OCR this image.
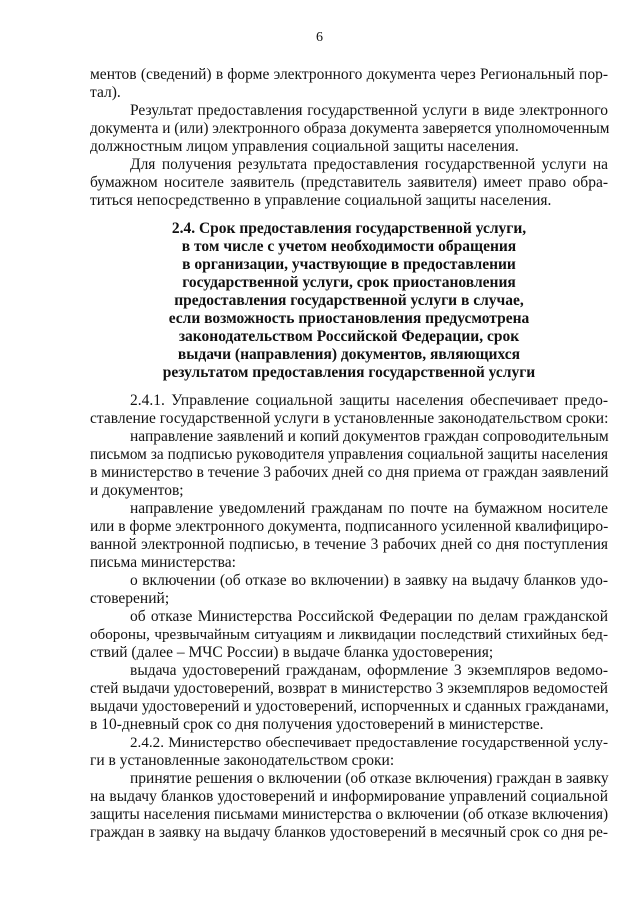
6
ментов (сведений) в форме электронного документа через Региональный пор-
тал).
Результат предоставления государственной услуги в виде электронного
документа и (или) электронного образа документа заверяется уполномоченным
должностным лицом управления социальной защиты населения.
Для получения результата предоставления государственной услуги на
бумажном носителе заявитель (представитель заявителя) имеет право обра-
титься непосредственно в управление социальной защиты населения.
2.4. Срок предоставления государственной услуги,
в том числе с учетом необходимости обращения
в организации, участвующие в предоставлении
государственной услуги, срок приостановления
предоставления государственной услуги в случае,
если возможность приостановления предусмотрена
законодательством Российской Федерации, срок
выдачи (направления) документов, являющихся
результатом предоставления государственной услуги
2.4.1. Управление социальной защиты населения обеспечивает предо-
ставление государственной услуги в установленные законодательством сроки:
направление заявлений и копий документов граждан сопроводительным
письмом за подписью руководителя управления социальной защиты населения
в министерство в течение 3 рабочих дней со дня приема от граждан заявлений
и документов;
направление уведомлений гражданам по почте на бумажном носителе
или в форме электронного документа, подписанного усиленной квалифициро-
ванной электронной подписью, в течение 3 рабочих дней со дня поступления
письма министерства:
о включении (об отказе во включении) в заявку на выдачу бланков удо-
стоверений;
об отказе Министерства Российской Федерации по делам гражданской
обороны, чрезвычайным ситуациям и ликвидации последствий стихийных бед-
ствий (далее – МЧС России) в выдаче бланка удостоверения;
выдача удостоверений гражданам, оформление 3 экземпляров ведомо-
стей выдачи удостоверений, возврат в министерство 3 экземпляров ведомостей
выдачи удостоверений и удостоверений, испорченных и сданных гражданами,
в 10-дневный срок со дня получения удостоверений в министерстве.
2.4.2. Министерство обеспечивает предоставление государственной услу-
ги в установленные законодательством сроки:
принятие решения о включении (об отказе включения) граждан в заявку
на выдачу бланков удостоверений и информирование управлений социальной
защиты населения письмами министерства о включении (об отказе включения)
граждан в заявку на выдачу бланков удостоверений в месячный срок со дня ре-
